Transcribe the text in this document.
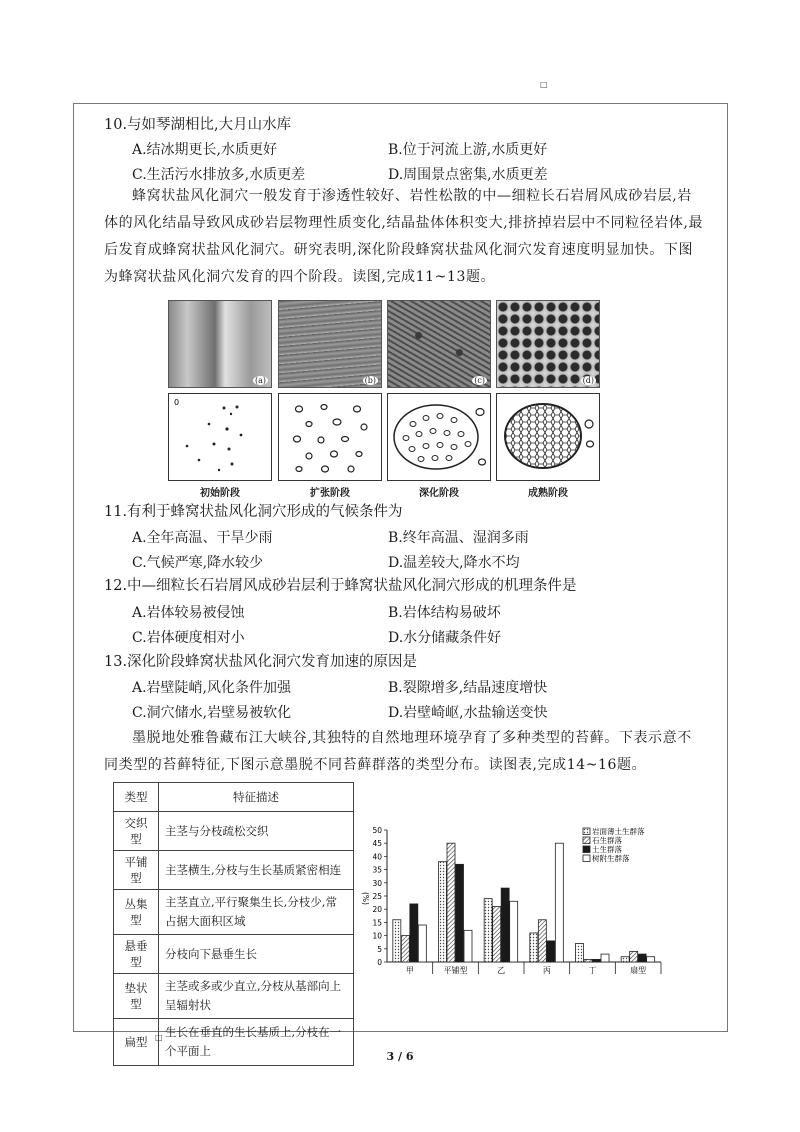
□
10.与如琴湖相比,大月山水库
A.结冰期更长,水质更好	B.位于河流上游,水质更好
C.生活污水排放多,水质更差	D.周围景点密集,水质更差
蜂窝状盐风化洞穴一般发育于渗透性较好、岩性松散的中—细粒长石岩屑风成砂岩层,岩体的风化结晶导致风成砂岩层物理性质变化,结晶盐体体积变大,排挤掉岩层中不同粒径岩体,最后发育成蜂窝状盐风化洞穴。研究表明,深化阶段蜂窝状盐风化洞穴发育速度明显加快。下图为蜂窝状盐风化洞穴发育的四个阶段。读图,完成11~13题。
(a)	(b)	(c)	(d)
0
初始阶段	扩张阶段	深化阶段	成熟阶段
11.有利于蜂窝状盐风化洞穴形成的气候条件为
A.全年高温、干旱少雨	B.终年高温、湿润多雨
C.气候严寒,降水较少	D.温差较大,降水不均
12.中—细粒长石岩屑风成砂岩层利于蜂窝状盐风化洞穴形成的机理条件是
A.岩体较易被侵蚀	B.岩体结构易破坏
C.岩体硬度相对小	D.水分储藏条件好
13.深化阶段蜂窝状盐风化洞穴发育加速的原因是
A.岩壁陡峭,风化条件加强	B.裂隙增多,结晶速度增快
C.洞穴储水,岩壁易被软化	D.岩壁崎岖,水盐输送变快
墨脱地处雅鲁藏布江大峡谷,其独特的自然地理环境孕育了多种类型的苔藓。下表示意不同类型的苔藓特征,下图示意墨脱不同苔藓群落的类型分布。读图表,完成14~16题。
类型	特征描述
交织型	主茎与分枝疏松交织
平铺型	主茎横生,分枝与生长基质紧密相连
丛集型	主茎直立,平行聚集生长,分枝少,常占据大面积区域
悬垂型	分枝向下悬垂生长
垫状型	主茎或多或少直立,分枝从基部向上呈辐射状
扁型	生长在垂直的生长基质上,分枝在一个平面上
0
5
10
15
20
25
30
35
40
45
50
(%)
甲	平铺型	乙	丙	丁	扇型
岩面薄土生群落
石生群落
土生群落
树附生群落
□
3 / 6
